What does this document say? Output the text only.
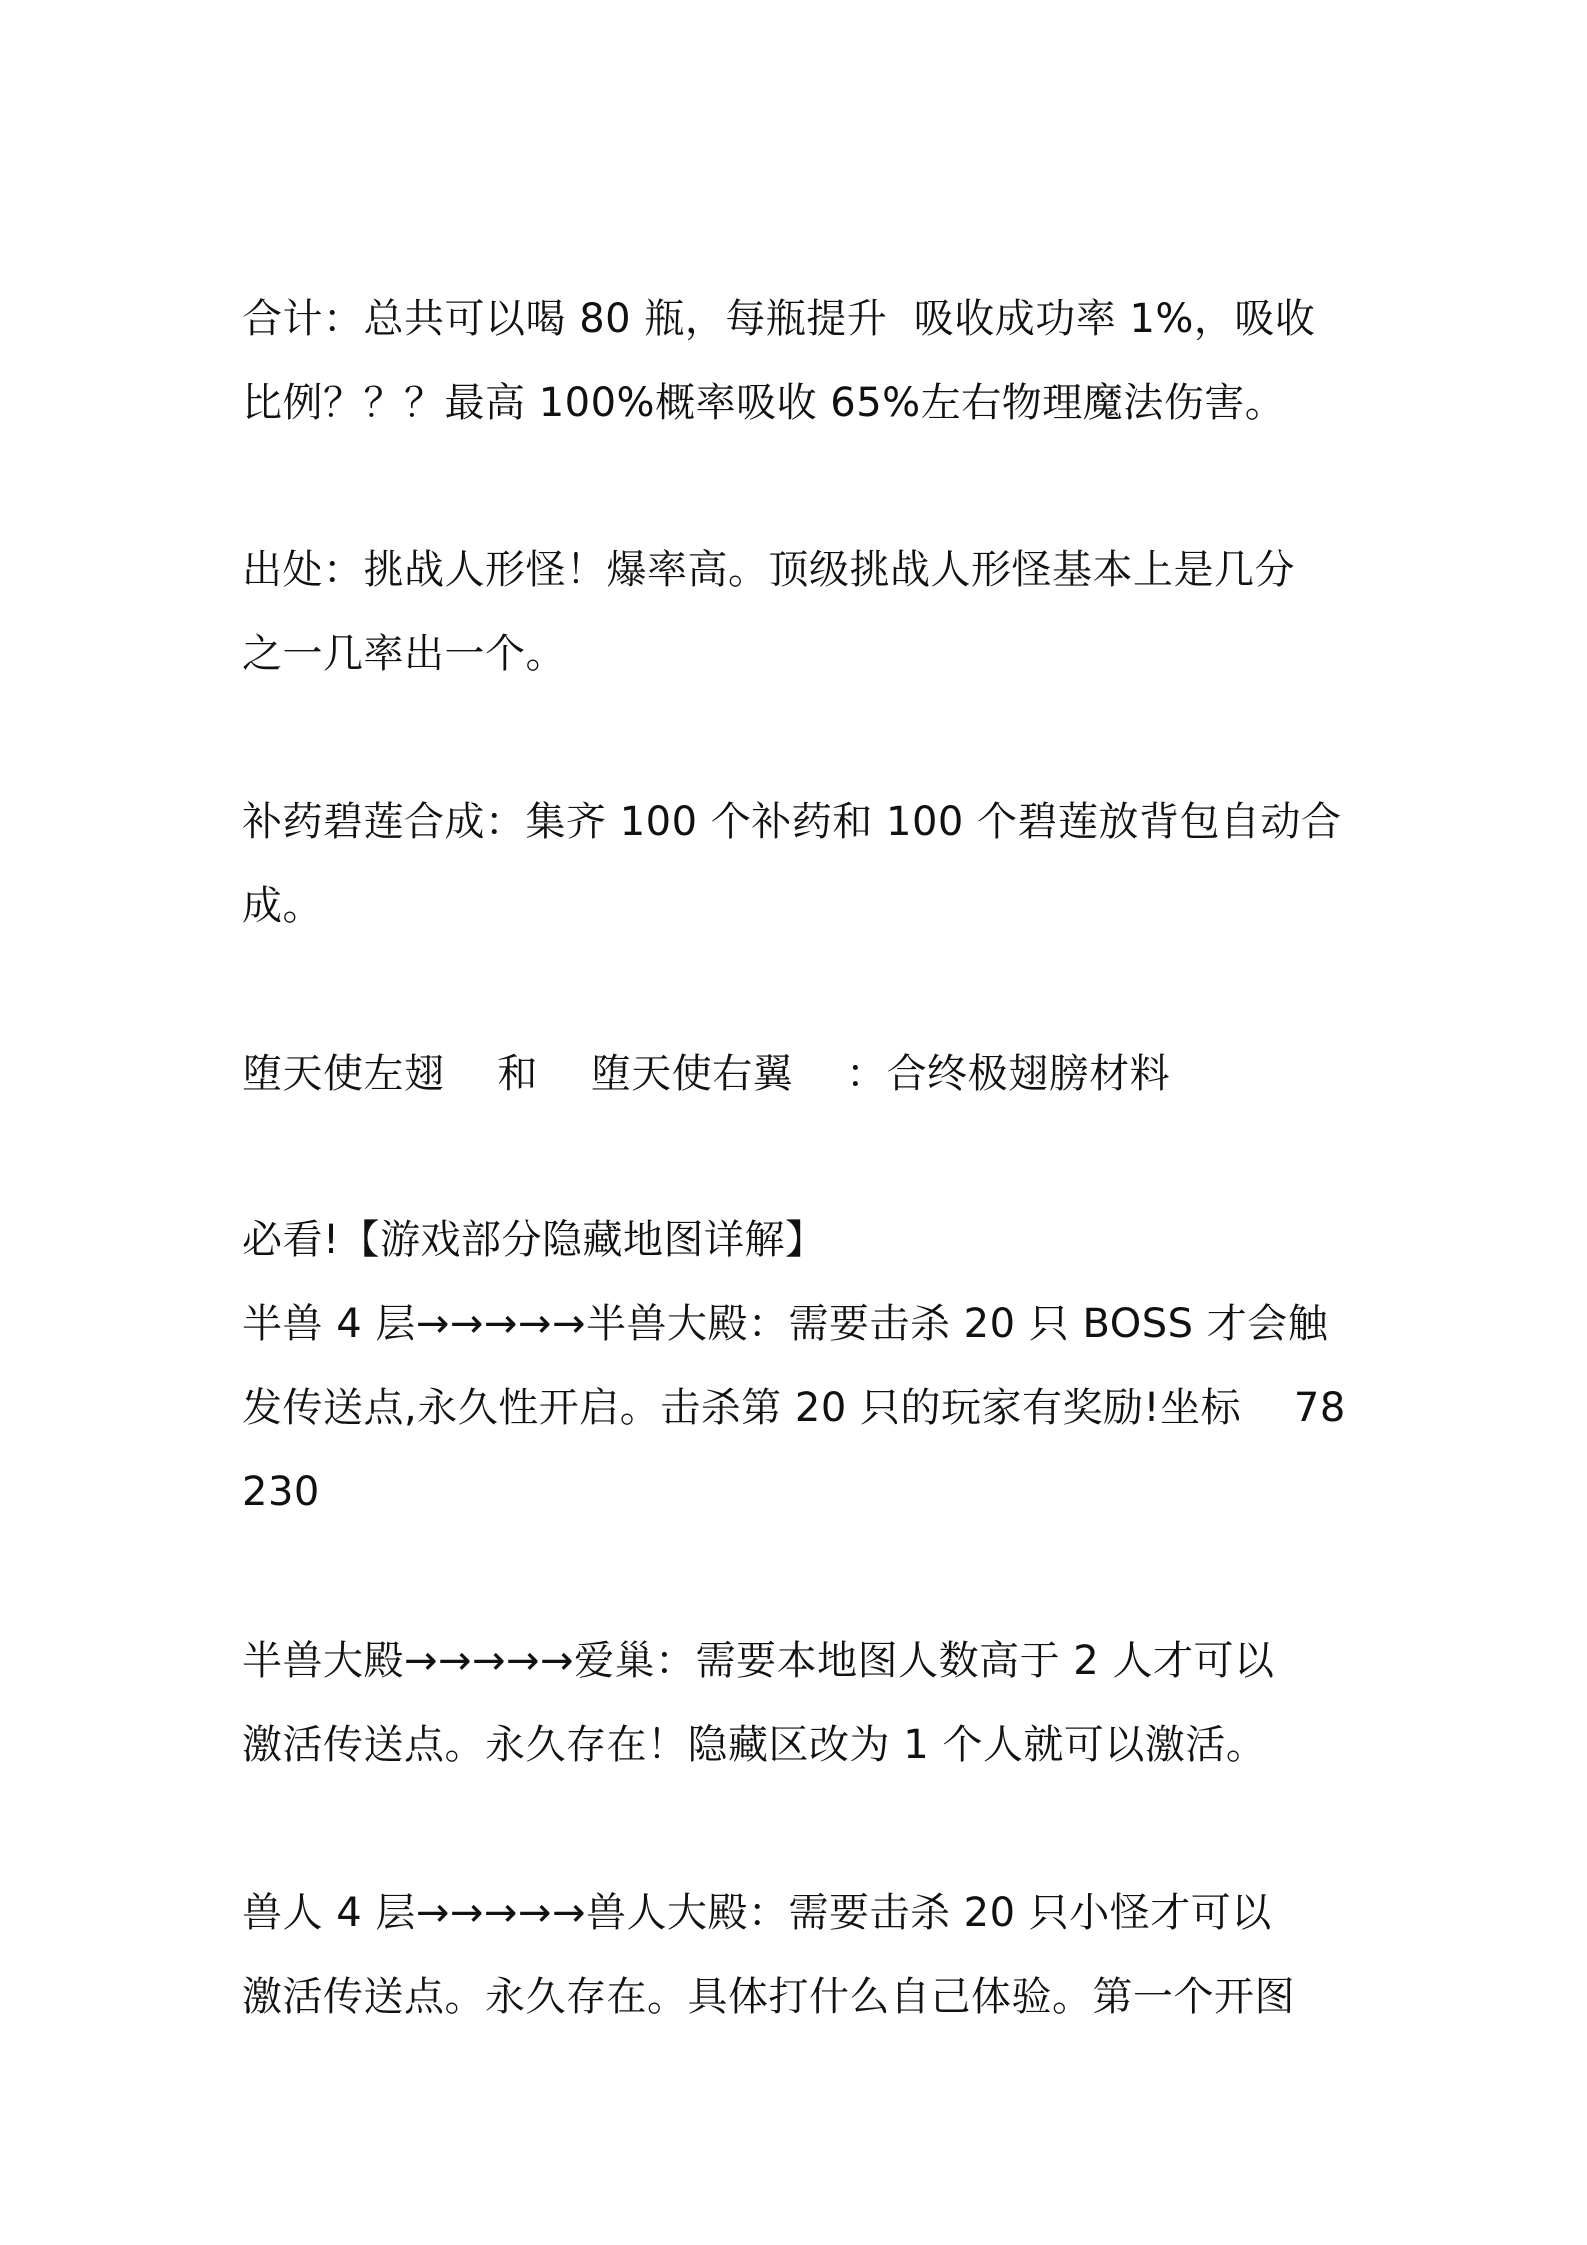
合计：总共可以喝 80 瓶，每瓶提升  吸收成功率 1%，吸收
比例？？？最高 100%概率吸收 65%左右物理魔法伤害。

出处：挑战人形怪！爆率高。顶级挑战人形怪基本上是几分
之一几率出一个。

补药碧莲合成：集齐 100 个补药和 100 个碧莲放背包自动合
成。

堕天使左翅    和    堕天使右翼    ：合终极翅膀材料

必看!【游戏部分隐藏地图详解】
半兽 4 层→→→→→半兽大殿：需要击杀 20 只 BOSS 才会触
发传送点,永久性开启。击杀第 20 只的玩家有奖励!坐标    78
230

半兽大殿→→→→→爱巢：需要本地图人数高于 2 人才可以
激活传送点。永久存在！隐藏区改为 1 个人就可以激活。

兽人 4 层→→→→→兽人大殿：需要击杀 20 只小怪才可以
激活传送点。永久存在。具体打什么自己体验。第一个开图
